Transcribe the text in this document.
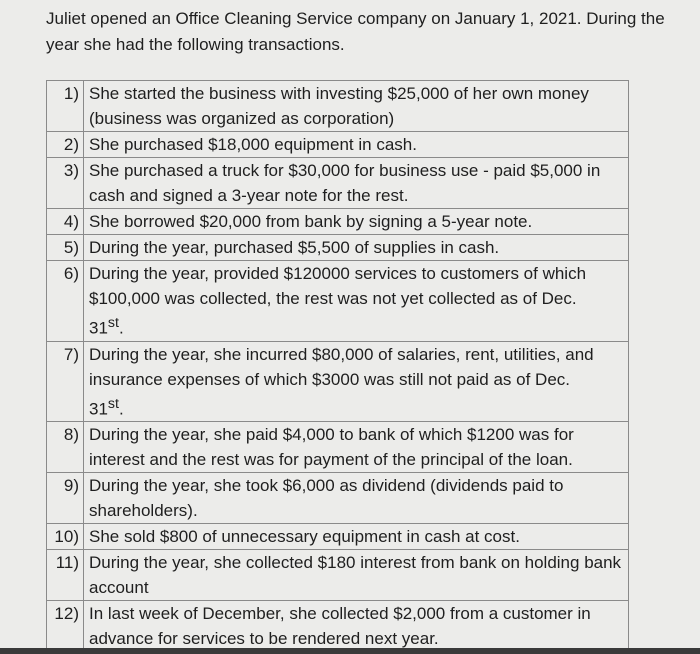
Juliet opened an Office Cleaning Service company on January 1, 2021. During the year she had the following transactions.

1)	She started the business with investing $25,000 of her own money (business was organized as corporation)
2)	She purchased $18,000 equipment in cash.
3)	She purchased a truck for $30,000 for business use - paid $5,000 in cash and signed a 3-year note for the rest.
4)	She borrowed $20,000 from bank by signing a 5-year note.
5)	During the year, purchased $5,500 of supplies in cash.
6)	During the year, provided $120000 services to customers of which $100,000 was collected, the rest was not yet collected as of Dec.
31st.
7)	During the year, she incurred $80,000 of salaries, rent, utilities, and insurance expenses of which $3000 was still not paid as of Dec.
31st.
8)	During the year, she paid $4,000 to bank of which $1200 was for interest and the rest was for payment of the principal of the loan.
9)	During the year, she took $6,000 as dividend (dividends paid to shareholders).
10)	She sold $800 of unnecessary equipment in cash at cost.
11)	During the year, she collected $180 interest from bank on holding bank account
12)	In last week of December, she collected $2,000 from a customer in advance for services to be rendered next year.
